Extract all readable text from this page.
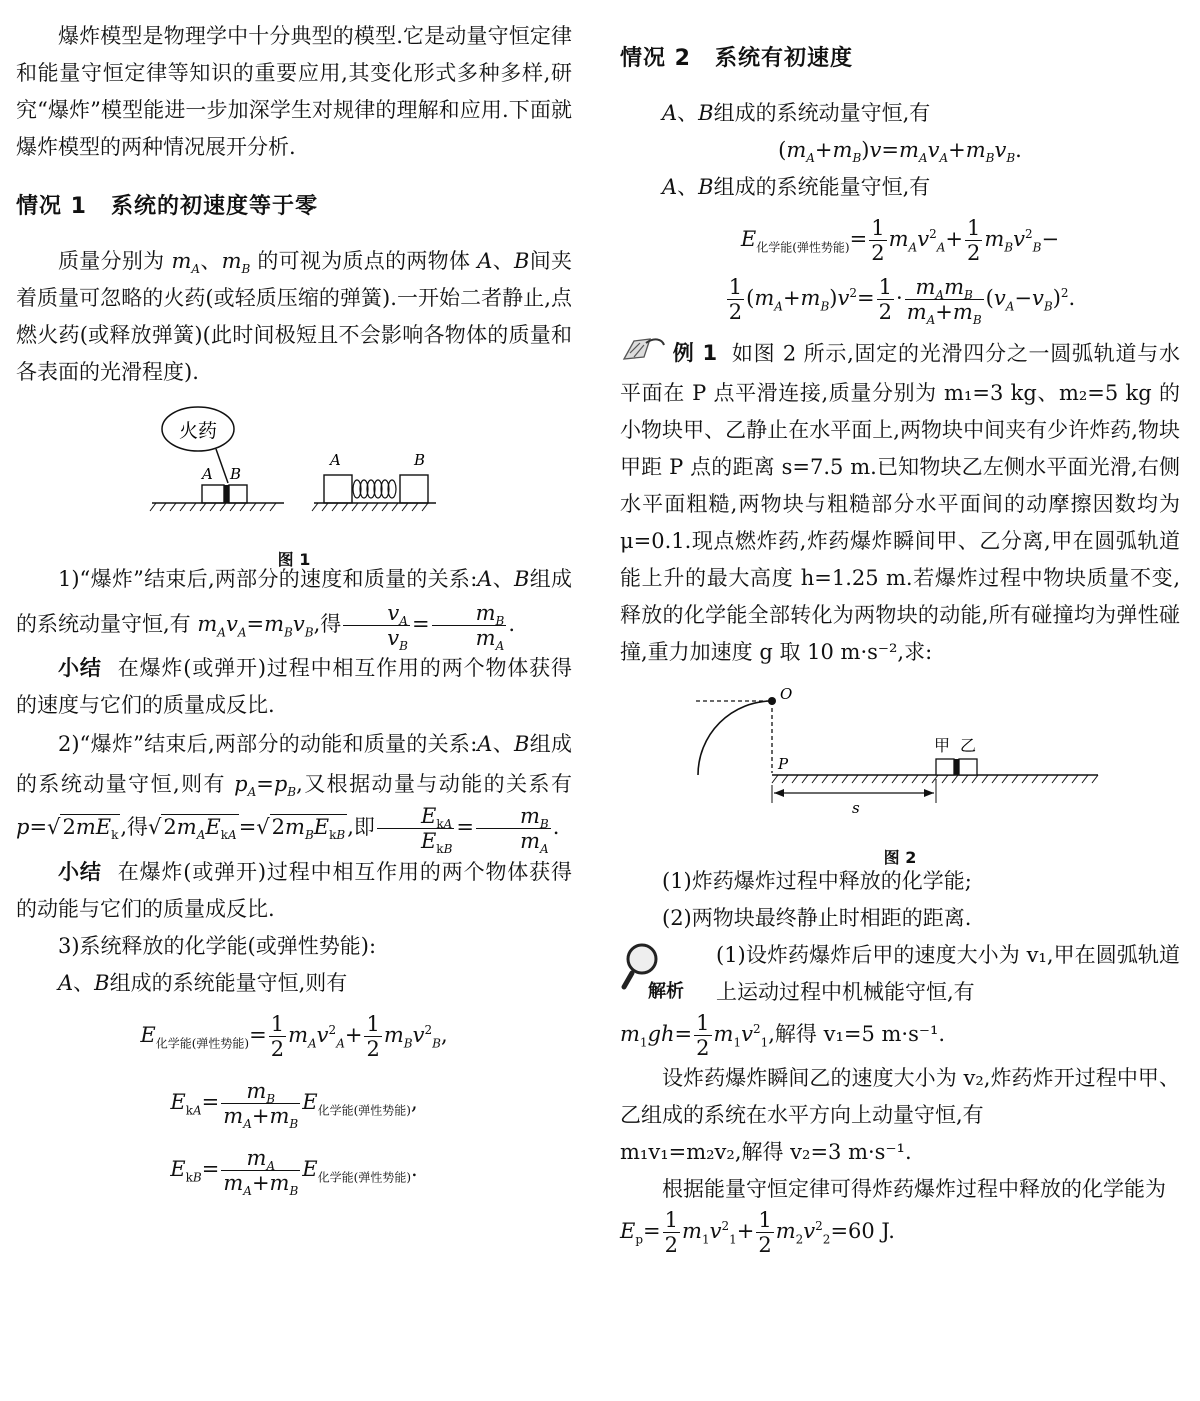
爆炸模型是物理学中十分典型的模型.它是动量守恒定律和能量守恒定律等知识的重要应用,其变化形式多种多样,研究“爆炸”模型能进一步加深学生对规律的理解和应用.下面就爆炸模型的两种情况展开分析.

情况 1 系统的初速度等于零

质量分别为 $m_A$、$m_B$ 的可视为质点的两物体 A、B间夹着质量可忽略的火药(或轻质压缩的弹簧).一开始二者静止,点燃火药(或释放弹簧)(此时间极短且不会影响各物体的质量和各表面的光滑程度).

火药
A B
A	B
图 1

1)“爆炸”结束后,两部分的速度和质量的关系:A、B组成的系统动量守恒,有 $m_Av_A=m_Bv_B$,得 $\frac{v_A}{v_B} = \frac{m_B}{m_A}$ .

小结 在爆炸(或弹开)过程中相互作用的两个物体获得的速度与它们的质量成反比.

2)“爆炸”结束后,两部分的动能和质量的关系:A、B组成的系统动量守恒,则有 $p_A=p_B$,又根据动量与动能的关系有 $p=√2mE_k$,得$√2m_AE_{kA}=√2m_BE_{kB}$,即 $\frac{E_{kA}}{E_{kB}} = \frac{m_B}{m_A}$ .

小结 在爆炸(或弹开)过程中相互作用的两个物体获得的动能与它们的质量成反比.

3)系统释放的化学能(或弹性势能):

A、B组成的系统能量守恒,则有

$E_{化学能(弹性势能)}= \frac{1}{2} m_Av^2_A+ \frac{1}{2} m_Bv^2_B$,
$E_{kA}= \frac{m_B}{m_A+m_B} E_{化学能(弹性势能)}$,
$E_{kB}= \frac{m_A}{m_A+m_B} E_{化学能(弹性势能)}$.
情况 2 系统有初速度

A、B组成的系统动量守恒,有

$(m_A+m_B)v=m_Av_A+m_Bv_B$.

A、B组成的系统能量守恒,有

$E_{化学能(弹性势能)}= \frac{1}{2} m_Av^2_A+ \frac{1}{2} m_Bv^2_B-$
$\frac{1}{2} (m_A+m_B)v^2= \frac{1}{2} \cdot \frac{m_Am_B}{m_A+m_B} (v_A-v_B)^2$.

例 1 如图 2 所示,固定的光滑四分之一圆弧轨道与水平面在 P 点平滑连接,质量分别为 m₁=3 kg、m₂=5 kg 的小物块甲、乙静止在水平面上,两物块中间夹有少许炸药,物块甲距 P 点的距离 s=7.5 m.已知物块乙左侧水平面光滑,右侧水平面粗糙,两物块与粗糙部分水平面间的动摩擦因数均为 μ=0.1.现点燃炸药,炸药爆炸瞬间甲、乙分离,甲在圆弧轨道能上升的最大高度 h=1.25 m.若爆炸过程中物块质量不变,释放的化学能全部转化为两物块的动能,所有碰撞均为弹性碰撞,重力加速度 g 取 10 m·s⁻²,求:

O
P
甲 乙
s
图 2

(1)炸药爆炸过程中释放的化学能;

(2)两物块最终静止时相距的距离.

解析

(1)设炸药爆炸后甲的速度大小为 v₁,甲在圆弧轨道上运动过程中机械能守恒,有

$m_1gh= \frac{1}{2} m_1v^2_1$,解得 v₁=5 m·s⁻¹.

设炸药爆炸瞬间乙的速度大小为 v₂,炸药炸开过程中甲、乙组成的系统在水平方向上动量守恒,有

m₁v₁=m₂v₂,解得 v₂=3 m·s⁻¹.

根据能量守恒定律可得炸药爆炸过程中释放的化学能为

$E_p= \frac{1}{2} m_1v^2_1+ \frac{1}{2} m_2v^2_2=60$ J.
